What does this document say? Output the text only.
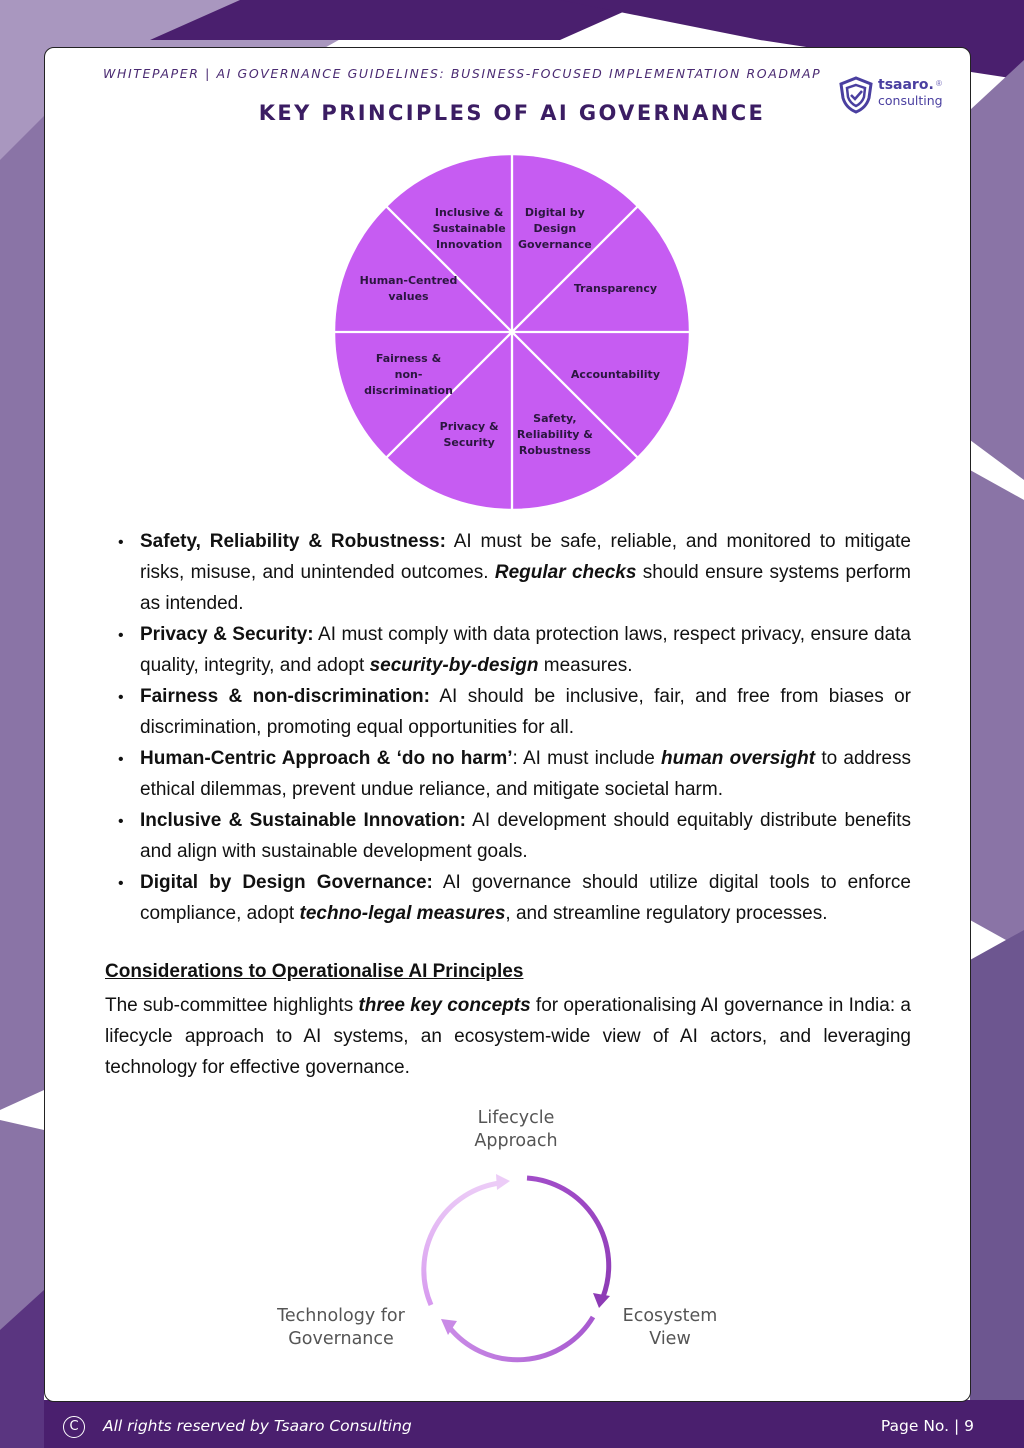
WHITEPAPER | AI GOVERNANCE GUIDELINES: BUSINESS-FOCUSED IMPLEMENTATION ROADMAP
tsaaro. ®
consulting
KEY PRINCIPLES OF AI GOVERNANCE
• Safety, Reliability & Robustness: AI must be safe, reliable, and monitored to mitigate risks, misuse, and unintended outcomes. Regular checks should ensure systems perform as intended.
• Privacy & Security: AI must comply with data protection laws, respect privacy, ensure data quality, integrity, and adopt security-by-design measures.
• Fairness & non-discrimination: AI should be inclusive, fair, and free from biases or discrimination, promoting equal opportunities for all.
• Human-Centric Approach & ‘do no harm’: AI must include human oversight to address ethical dilemmas, prevent undue reliance, and mitigate societal harm.
• Inclusive & Sustainable Innovation: AI development should equitably distribute benefits and align with sustainable development goals.
• Digital by Design Governance: AI governance should utilize digital tools to enforce compliance, adopt techno-legal measures, and streamline regulatory processes.
Considerations to Operationalise AI Principles

The sub-committee highlights three key concepts for operationalising AI governance in India: a lifecycle approach to AI systems, an ecosystem-wide view of AI actors, and leveraging technology for effective governance.

Lifecycle
Approach
Ecosystem
View
Technology for
Governance
C	All rights reserved by Tsaaro Consulting	Page No. | 9
Digital by
Design
Governance
Transparency
Accountability
Safety,
Reliability &
Robustness
Privacy &
Security
Fairness &
non-
discrimination
Human-Centred
values
Inclusive &
Sustainable
Innovation
